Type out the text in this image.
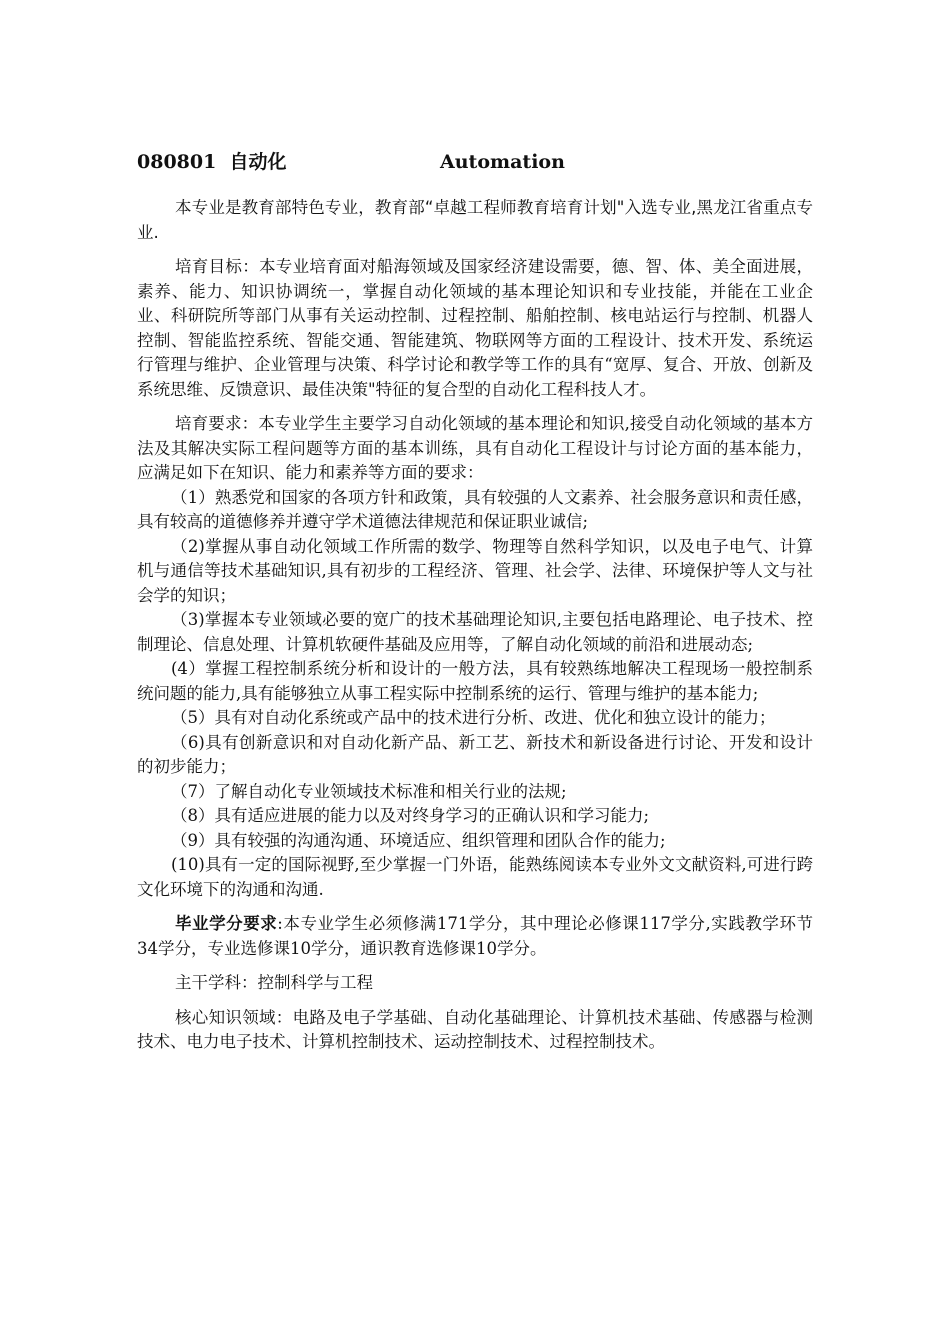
080801  自动化	Automation

本专业是教育部特色专业，教育部“卓越工程师教育培育计划"入选专业,黑龙江省重点专业.

培育目标：本专业培育面对船海领域及国家经济建设需要，德、智、体、美全面进展，素养、能力、知识协调统一，掌握自动化领域的基本理论知识和专业技能，并能在工业企业、科研院所等部门从事有关运动控制、过程控制、船舶控制、核电站运行与控制、机器人控制、智能监控系统、智能交通、智能建筑、物联网等方面的工程设计、技术开发、系统运行管理与维护、企业管理与决策、科学讨论和教学等工作的具有“宽厚、复合、开放、创新及系统思维、反馈意识、最佳决策"特征的复合型的自动化工程科技人才。

培育要求：本专业学生主要学习自动化领域的基本理论和知识,接受自动化领域的基本方法及其解决实际工程问题等方面的基本训练，具有自动化工程设计与讨论方面的基本能力，应满足如下在知识、能力和素养等方面的要求：

（1）熟悉党和国家的各项方针和政策，具有较强的人文素养、社会服务意识和责任感，具有较高的道德修养并遵守学术道德法律规范和保证职业诚信;

（2)掌握从事自动化领域工作所需的数学、物理等自然科学知识，以及电子电气、计算机与通信等技术基础知识,具有初步的工程经济、管理、社会学、法律、环境保护等人文与社会学的知识；

（3)掌握本专业领域必要的宽广的技术基础理论知识,主要包括电路理论、电子技术、控制理论、信息处理、计算机软硬件基础及应用等，了解自动化领域的前沿和进展动态;

(4）掌握工程控制系统分析和设计的一般方法，具有较熟练地解决工程现场一般控制系统问题的能力,具有能够独立从事工程实际中控制系统的运行、管理与维护的基本能力;

（5）具有对自动化系统或产品中的技术进行分析、改进、优化和独立设计的能力；

（6)具有创新意识和对自动化新产品、新工艺、新技术和新设备进行讨论、开发和设计的初步能力；

（7）了解自动化专业领域技术标准和相关行业的法规;

（8）具有适应进展的能力以及对终身学习的正确认识和学习能力;

（9）具有较强的沟通沟通、环境适应、组织管理和团队合作的能力;

(10)具有一定的国际视野,至少掌握一门外语，能熟练阅读本专业外文文献资料,可进行跨文化环境下的沟通和沟通.

毕业学分要求:本专业学生必须修满171学分，其中理论必修课117学分,实践教学环节34学分，专业选修课10学分，通识教育选修课10学分。

主干学科：控制科学与工程

核心知识领域：电路及电子学基础、自动化基础理论、计算机技术基础、传感器与检测技术、电力电子技术、计算机控制技术、运动控制技术、过程控制技术。
